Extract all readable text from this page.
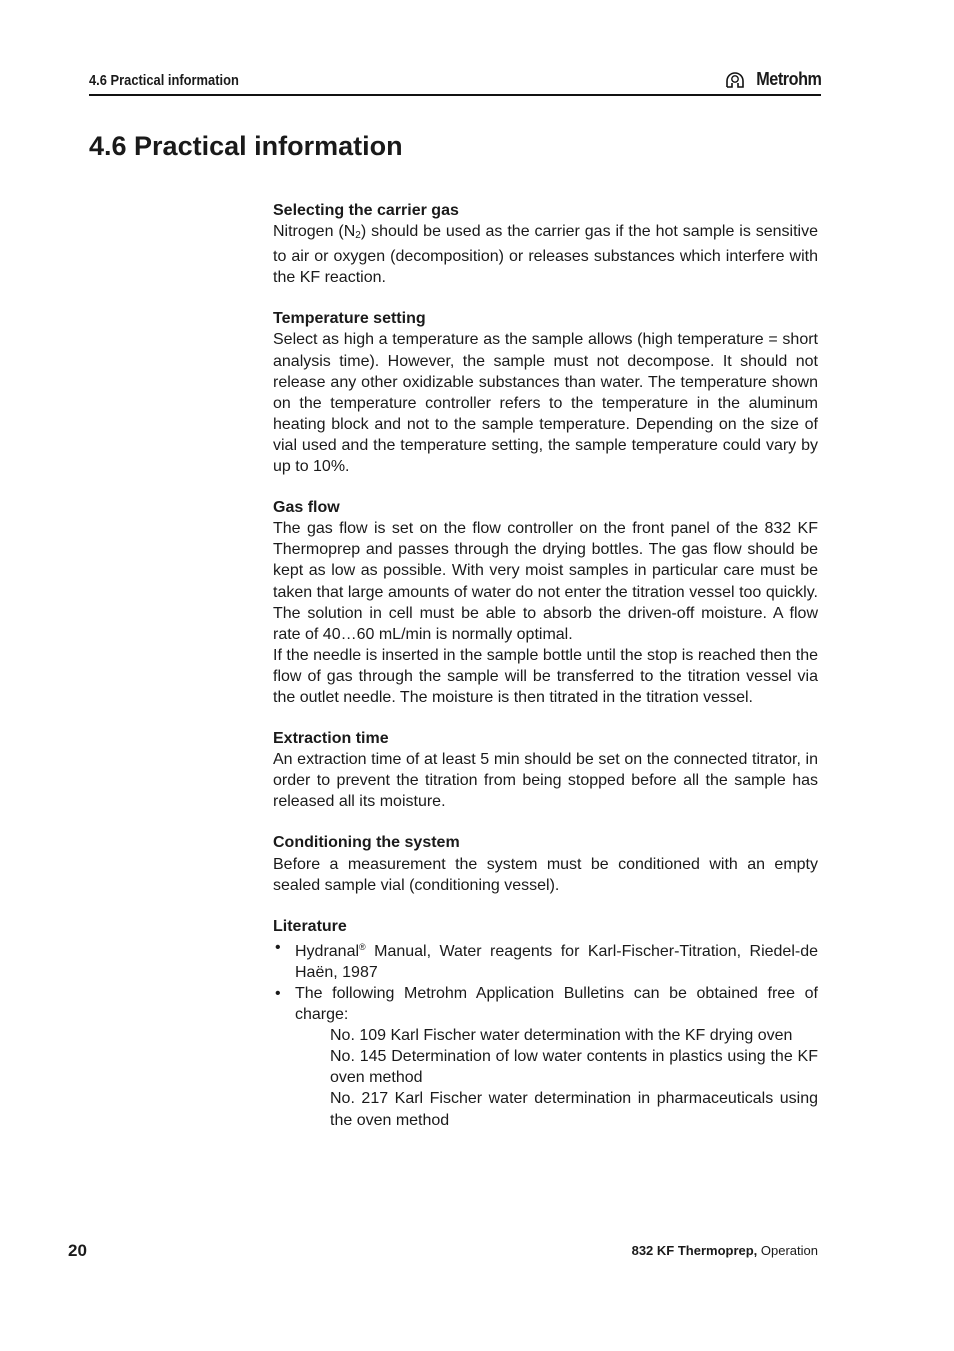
4.6 Practical information	Metrohm
4.6 Practical information
Selecting the carrier gas

Nitrogen $(N_2)$ should be used as the carrier gas if the hot sample is sensitive to air or oxygen (decomposition) or releases substances which interfere with the KF reaction.

Temperature setting

Select as high a temperature as the sample allows (high temperature = short analysis time). However, the sample must not decompose. It should not release any other oxidizable substances than water. The temperature shown on the temperature controller refers to the temperature in the aluminum heating block and not to the sample temperature. Depending on the size of vial used and the temperature setting, the sample temperature could vary by up to 10%.

Gas flow

The gas flow is set on the flow controller on the front panel of the 832 KF Thermoprep and passes through the drying bottles. The gas flow should be kept as low as possible. With very moist samples in particular care must be taken that large amounts of water do not enter the titration vessel too quickly. The solution in cell must be able to absorb the driven-off moisture. A flow rate of 40…60 mL/min is normally optimal.

If the needle is inserted in the sample bottle until the stop is reached then the flow of gas through the sample will be transferred to the titration vessel via the outlet needle. The moisture is then titrated in the titration vessel.

Extraction time

An extraction time of at least 5 min should be set on the connected titrator, in order to prevent the titration from being stopped before all the sample has released all its moisture.

Conditioning the system

Before a measurement the system must be conditioned with an empty sealed sample vial (conditioning vessel).

Literature
• Hydranal® Manual, Water reagents for Karl-Fischer-Titration, Riedel-de Haën, 1987
• The following Metrohm Application Bulletins can be obtained free of charge:
No. 109 Karl Fischer water determination with the KF drying oven
No. 145 Determination of low water contents in plastics using the KF oven method
No. 217 Karl Fischer water determination in pharmaceuticals using the oven method
20	832 KF Thermoprep, Operation
